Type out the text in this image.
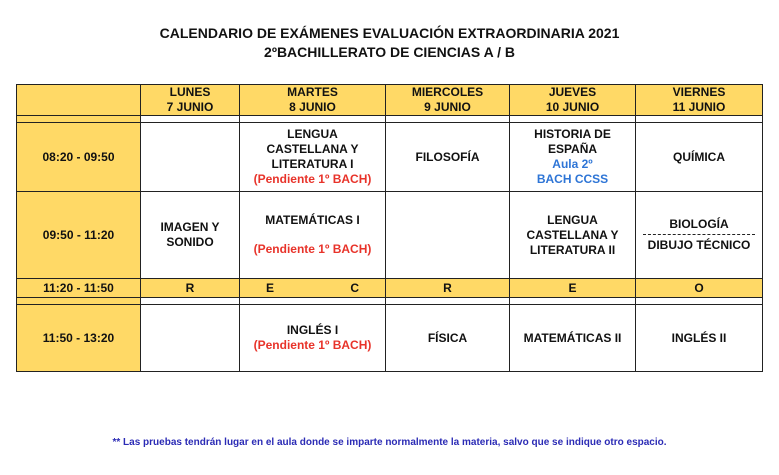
CALENDARIO DE EXÁMENES EVALUACIÓN EXTRAORDINARIA 2021
2ºBACHILLERATO DE CIENCIAS A / B

	LUNES
7 JUNIO	MARTES
8 JUNIO	MIERCOLES
9 JUNIO	JUEVES
10 JUNIO	VIERNES
11 JUNIO

08:20 - 09:50		LENGUA CASTELLANA Y LITERATURA I
(Pendiente 1º BACH)	FILOSOFÍA	HISTORIA DE ESPAÑA
Aula 2º BACH CCSS	QUÍMICA

09:50 - 11:20	IMAGEN Y SONIDO	MATEMÁTICAS I
(Pendiente 1º BACH)		LENGUA CASTELLANA Y LITERATURA II	BIOLOGÍA
DIBUJO TÉCNICO

11:20 - 11:50	R	E C	R	E	O

11:50 - 13:20		INGLÉS I
(Pendiente 1º BACH)	FÍSICA	MATEMÁTICAS II	INGLÉS II
** Las pruebas tendrán lugar en el aula donde se imparte normalmente la materia, salvo que se indique otro espacio.
